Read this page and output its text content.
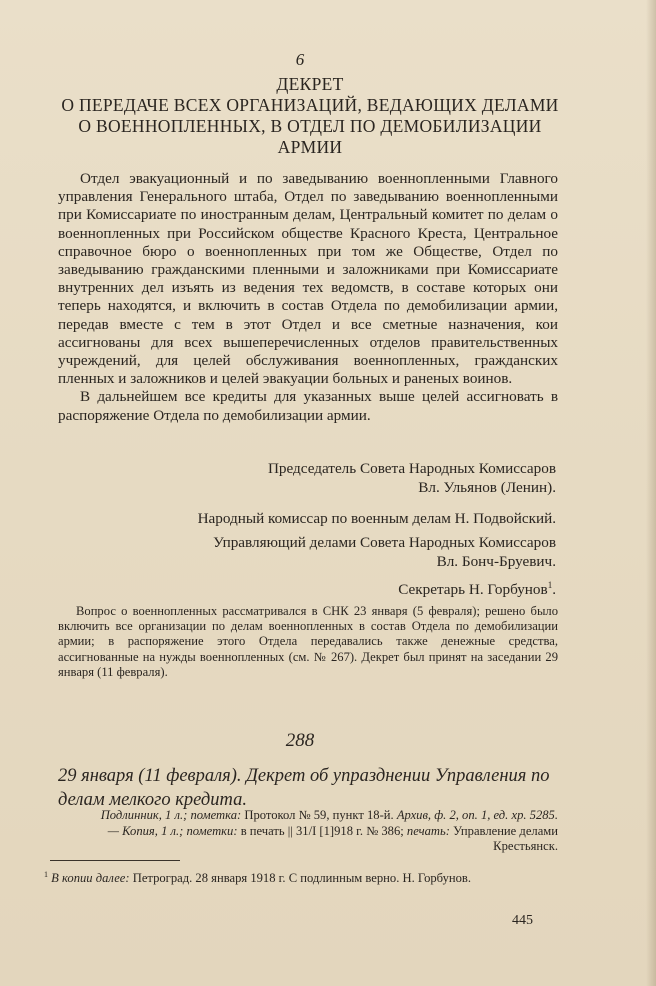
6
ДЕКРЕТ
О ПЕРЕДАЧЕ ВСЕХ ОРГАНИЗАЦИЙ, ВЕДАЮЩИХ ДЕЛАМИ
О ВОЕННОПЛЕННЫХ, В ОТДЕЛ ПО ДЕМОБИЛИЗАЦИИ
АРМИИ

Отдел эвакуационный и по заведыванию военнопленными Главного управления Генерального штаба, Отдел по заведыванию военнопленными при Комиссариате по иностранным делам, Центральный комитет по делам о военнопленных при Российском обществе Красного Креста, Центральное справочное бюро о военнопленных при том же Обществе, Отдел по заведыванию гражданскими пленными и заложниками при Комиссариате внутренних дел изъять из ведения тех ведомств, в составе которых они теперь находятся, и включить в состав Отдела по демобилизации армии, передав вместе с тем в этот Отдел и все сметные назначения, кои ассигнованы для всех вышеперечисленных отделов правительственных учреждений, для целей обслуживания военнопленных, гражданских пленных и заложников и целей эвакуации больных и раненых воинов.

В дальнейшем все кредиты для указанных выше целей ассигновать в распоряжение Отдела по демобилизации армии.

Председатель Совета Народных Комиссаров
Вл. Ульянов (Ленин).
Народный комиссар по военным делам Н. Подвойский.
Управляющий делами Совета Народных Комиссаров
Вл. Бонч-Бруевич.
Секретарь Н. Горбунов$^1$.

Вопрос о военнопленных рассматривался в СНК 23 января (5 февраля); решено было включить все организации по делам военнопленных в состав Отдела по демобилизации армии; в распоряжение этого Отдела передавались также денежные средства, ассигнованные на нужды военнопленных (см. № 267). Декрет был принят на заседании 29 января (11 февраля).

288
29 января (11 февраля). Декрет об упразднении Управления по делам мелкого кредита.
Подлинник, 1 л.; пометка: Протокол № 59, пункт 18-й. Архив, ф. 2, оп. 1, ед. хр. 5285. — Копия, 1 л.; пометки: в печать || 31/I [1]918 г. № 386; печать: Управление делами Крестьянск.
$^1$ В копии далее: Петроград. 28 января 1918 г. С подлинным верно. Н. Горбунов.
445
